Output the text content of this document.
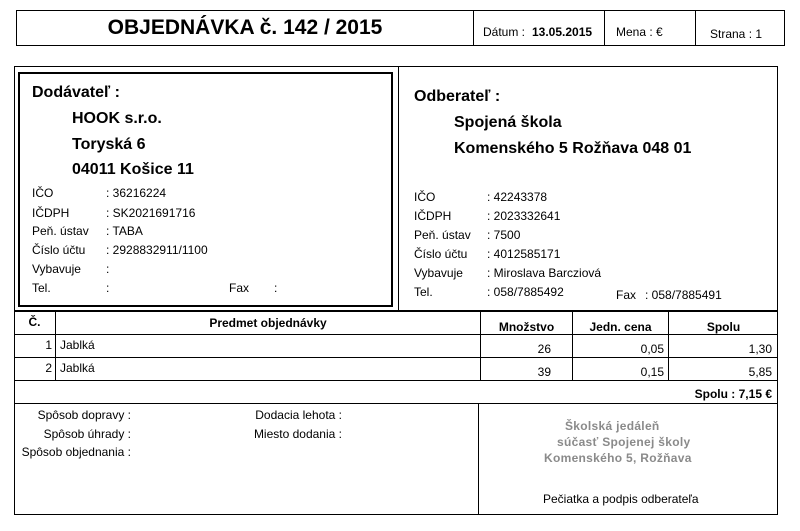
OBJEDNÁVKA č. 142 / 2015	Dátum : 13.05.2015 Mena : €	Strana : 1
Dodávateľ :
HOOK s.r.o.
Toryská 6
04011 Košice 11
IČO	: 36216224
IČDPH	: SK2021691716
Peň. ústav : TABA
Číslo účtu : 2928832911/1100
Vybavuje :
Tel.	:	Fax :
Odberateľ :
Spojená škola
Komenského 5 Rožňava 048 01
IČO	: 42243378
IČDPH	: 2023332641
Peň. ústav : 7500
Číslo účtu : 4012585171
Vybavuje : Miroslava Barcziová
Tel.	: 058/7885492	Fax : 058/7885491
Č.	Predmet objednávky	Množstvo	Jedn. cena	Spolu
1 Jablká	26	0,05	1,30
2 Jablká	39	0,15	5,85
Spolu : 7,15 €
Spôsob dopravy :
Spôsob úhrady :
Spôsob objednania :
Dodacia lehota :
Miesto dodania :
Školská jedáleň
súčasť Spojenej školy
Komenského 5, Rožňava
Pečiatka a podpis odberateľa
